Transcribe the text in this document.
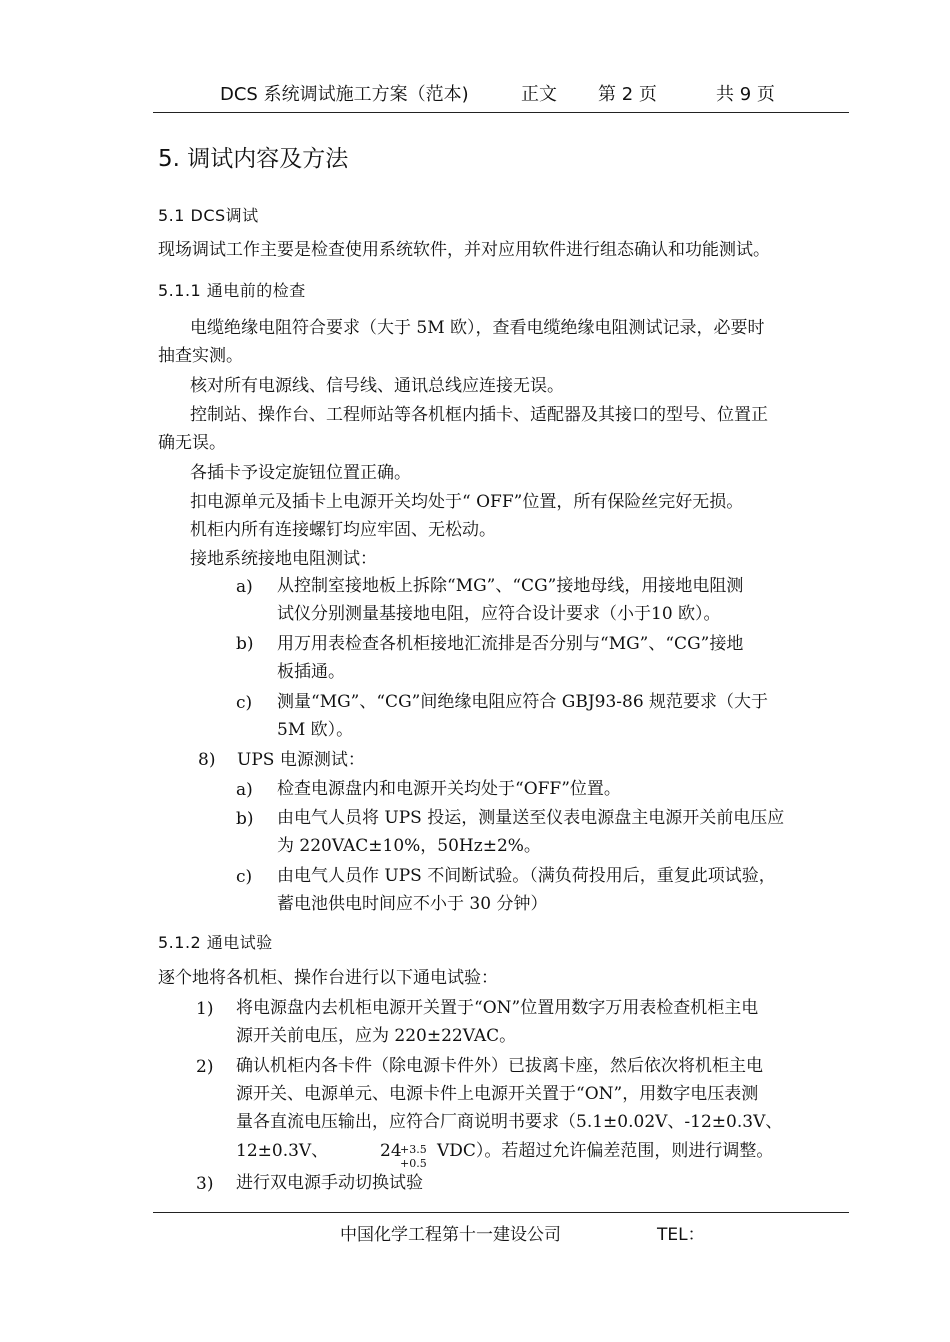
DCS 系统调试施工方案（范本)	正文 第 2 页	共 9 页
5. 调试内容及方法
5.1 DCS调试
现场调试工作主要是检查使用系统软件，并对应用软件进行组态确认和功能测试。
5.1.1 通电前的检查
电缆绝缘电阻符合要求（大于 5M 欧），查看电缆绝缘电阻测试记录，必要时
抽查实测。
核对所有电源线、信号线、通讯总线应连接无误。
控制站、操作台、工程师站等各机框内插卡、适配器及其接口的型号、位置正
确无误。
各插卡予设定旋钮位置正确。
扣电源单元及插卡上电源开关均处于“ OFF”位置，所有保险丝完好无损。
机柜内所有连接螺钉均应牢固、无松动。
接地系统接地电阻测试：
a) 从控制室接地板上拆除“MG”、“CG”接地母线，用接地电阻测
试仪分别测量基接地电阻，应符合设计要求（小于10 欧）。
b) 用万用表检查各机柜接地汇流排是否分别与“MG”、“CG”接地
板插通。
c) 测量“MG”、“CG”间绝缘电阻应符合 GBJ93-86 规范要求（大于
5M 欧）。
8) UPS 电源测试：
a) 检查电源盘内和电源开关均处于“OFF”位置。
b) 由电气人员将 UPS 投运，测量送至仪表电源盘主电源开关前电压应
为 220VAC±10%，50Hz±2%。
c) 由电气人员作 UPS 不间断试验。（满负荷投用后，重复此项试验，
蓄电池供电时间应不小于 30 分钟）
5.1.2 通电试验
逐个地将各机柜、操作台进行以下通电试验：
1) 将电源盘内去机柜电源开关置于“ON”位置用数字万用表检查机柜主电
源开关前电压，应为 220±22VAC。
2) 确认机柜内各卡件（除电源卡件外）已拔离卡座，然后依次将机柜主电
源开关、电源单元、电源卡件上电源开关置于“ON”，用数字电压表测
量各直流电压输出，应符合厂商说明书要求（5.1±0.02V、-12±0.3V、
12±0.3V、	24
+3.5
+0.5
VDC）。若超过允许偏差范围，则进行调整。
3) 进行双电源手动切换试验
中国化学工程第十一建设公司	TEL：
